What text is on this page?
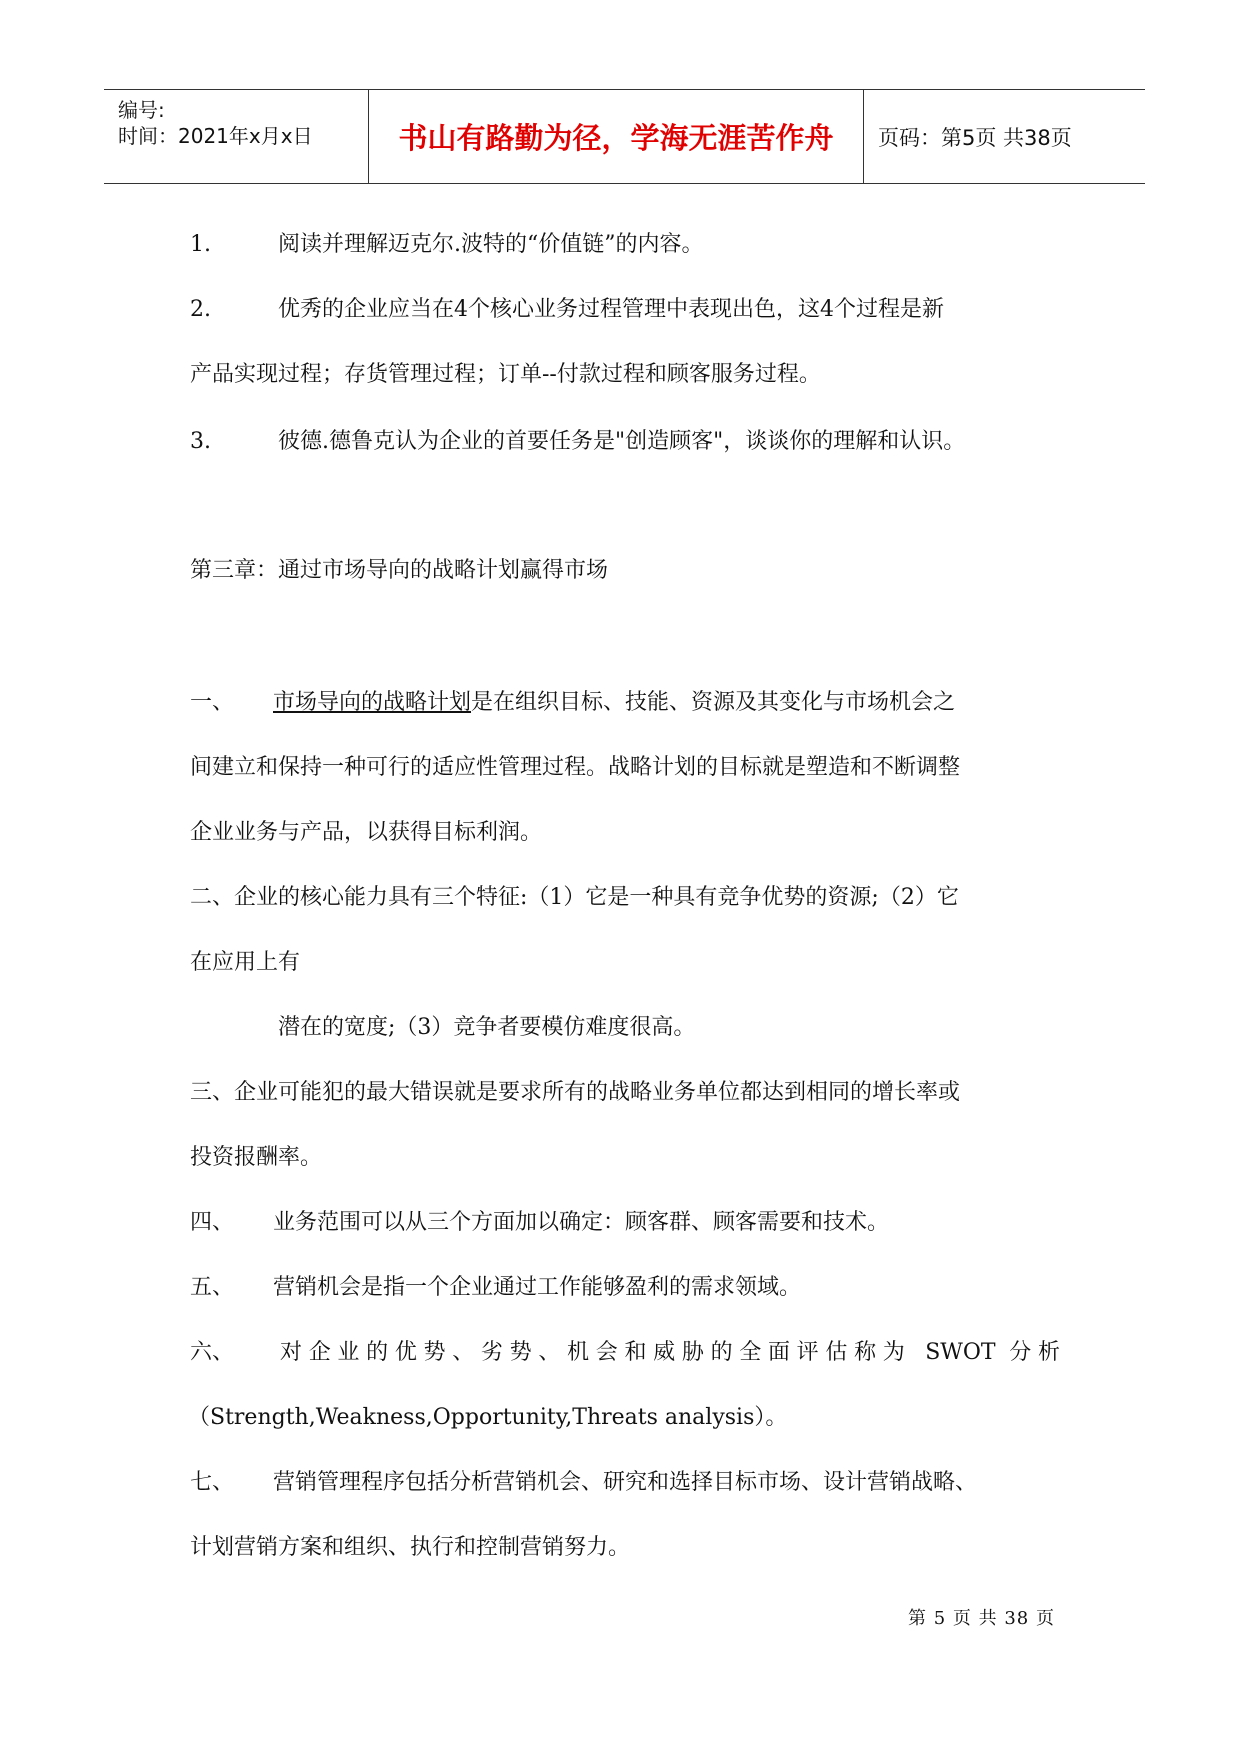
编号:
时间：2021年x月x日	书山有路勤为径，学海无涯苦作舟	页码：第5页 共38页
1.	阅读并理解迈克尔.波特的“价值链”的内容。
2.	优秀的企业应当在4个核心业务过程管理中表现出色，这4个过程是新
产品实现过程；存货管理过程；订单--付款过程和顾客服务过程。
3.	彼德.德鲁克认为企业的首要任务是"创造顾客"，谈谈你的理解和认识。
第三章：通过市场导向的战略计划赢得市场
一、 市场导向的战略计划是在组织目标、技能、资源及其变化与市场机会之
间建立和保持一种可行的适应性管理过程。战略计划的目标就是塑造和不断调整
企业业务与产品，以获得目标利润。
二、企业的核心能力具有三个特征:（1）它是一种具有竞争优势的资源;（2）它
在应用上有
潜在的宽度;（3）竞争者要模仿难度很高。
三、企业可能犯的最大错误就是要求所有的战略业务单位都达到相同的增长率或
投资报酬率。
四、 业务范围可以从三个方面加以确定：顾客群、顾客需要和技术。
五、 营销机会是指一个企业通过工作能够盈利的需求领域。
六、 对企业的优势、劣势、机会和威胁的全面评估称为 SWOT 分析
（Strength,Weakness,Opportunity,Threats analysis）。
七、 营销管理程序包括分析营销机会、研究和选择目标市场、设计营销战略、
计划营销方案和组织、执行和控制营销努力。
第 5 页 共 38 页
